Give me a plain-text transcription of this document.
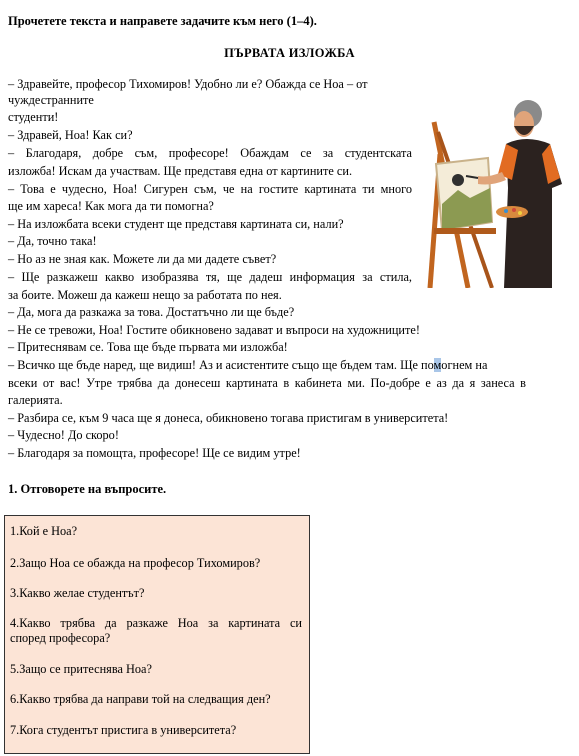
Прочетете текста и направете задачите към него (1–4).
ПЪРВАТА ИЗЛОЖБА
– Здравейте, професор Тихомиров! Удобно ли е? Обажда се Ноа – от
чуждестранните
студенти!
– Здравей, Ноа! Как си?
– Благодаря, добре съм, професоре! Обаждам се за студентската
изложба! Искам да участвам. Ще представя една от картините си.
– Това е чудесно, Ноа! Сигурен съм, че на гостите картината ти много
ще им хареса! Как мога да ти помогна?
– На изложбата всеки студент ще представя картината си, нали?
– Да, точно така!
– Но аз не зная как. Можете ли да ми дадете съвет?
– Ще разкажеш какво изобразява тя, ще дадеш информация за стила,
за боите. Можеш да кажеш нещо за работата по нея.
– Да, мога да разкажа за това. Достатъчно ли ще бъде?
– Не се тревожи, Ноа! Гостите обикновено задават и въпроси на художниците!
– Притеснявам се. Това ще бъде първата ми изложба!
– Всичко ще бъде наред, ще видиш! Аз и асистентите също ще бъдем там. Ще помогнем на
всеки от вас! Утре трябва да донесеш картината в кабинета ми. По-добре е аз да я занеса в
галерията.
– Разбира се, към 9 часа ще я донеса, обикновено тогава пристигам в университета!
– Чудесно! До скоро!
– Благодаря за помощта, професоре! Ще се видим утре!
1. Отговорете на въпросите.
1.Кой е Ноа?
2.Защо Ноа се обажда на професор Тихомиров?
3.Какво желае студентът?
4.Какво трябва да разкаже Ноа за картината си
според професора?
5.Защо се притеснява Ноа?
6.Какво трябва да направи той на следващия ден?
7.Кога студентът пристига в университета?
